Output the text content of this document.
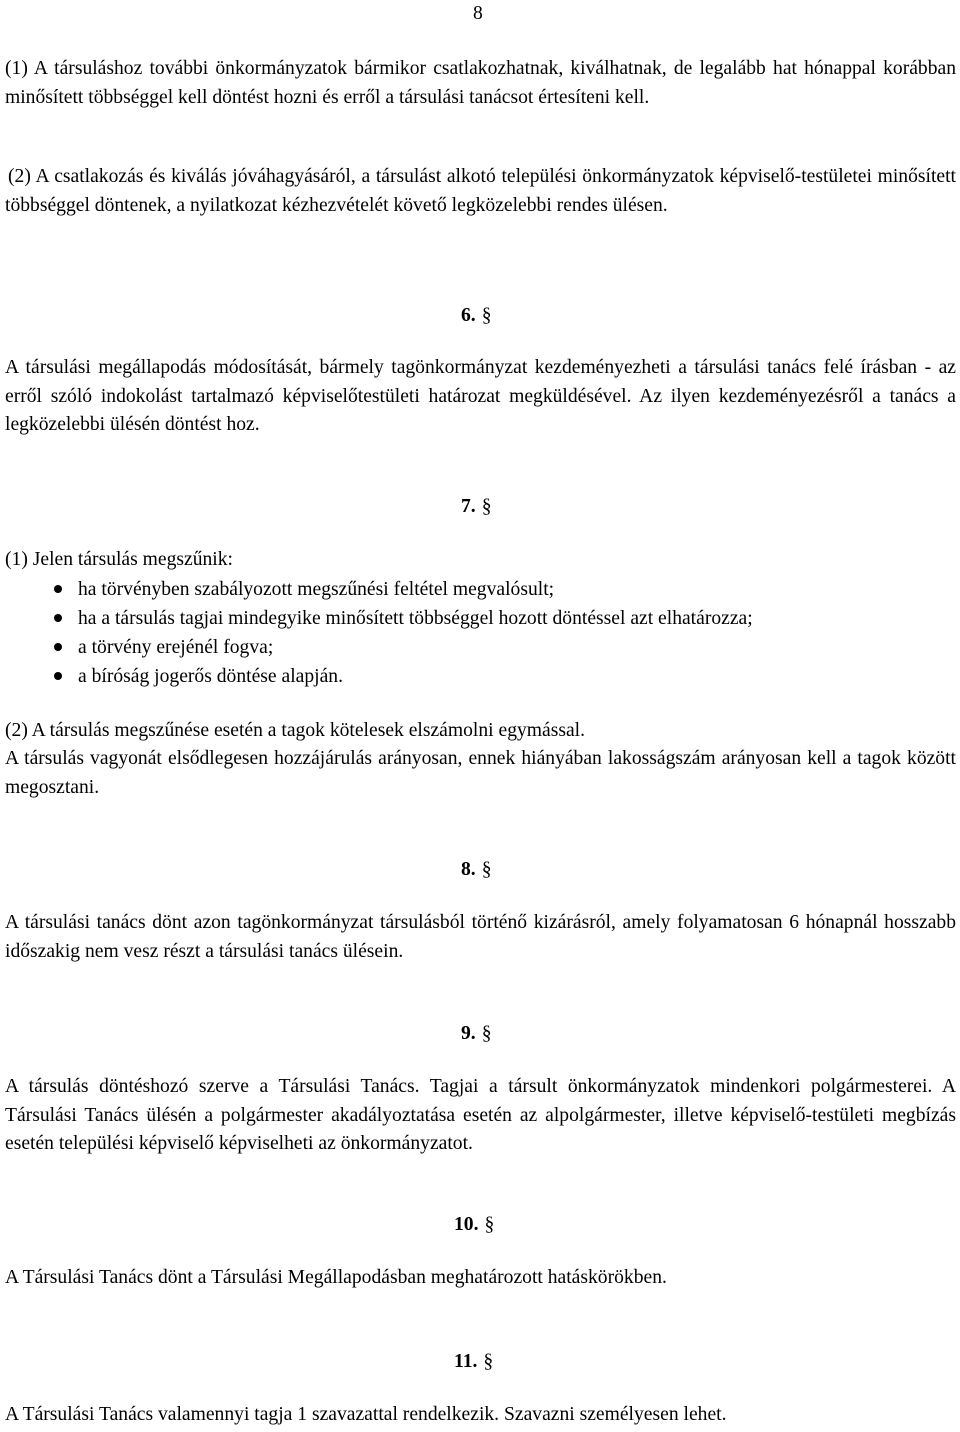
8

(1) A társuláshoz további önkormányzatok bármikor csatlakozhatnak, kiválhatnak, de legalább hat hónappal korábban minősített többséggel kell döntést hozni és erről a társulási tanácsot értesíteni kell.

(2) A csatlakozás és kiválás jóváhagyásáról, a társulást alkotó települési önkormányzatok képviselő-testületei minősített többséggel döntenek, a nyilatkozat kézhezvételét követő legközelebbi rendes ülésen.

6. §

A társulási megállapodás módosítását, bármely tagönkormányzat kezdeményezheti a társulási tanács felé írásban - az erről szóló indokolást tartalmazó képviselőtestületi határozat megküldésével. Az ilyen kezdeményezésről a tanács a legközelebbi ülésén döntést hoz.

7. §

(1) Jelen társulás megszűnik:

ha törvényben szabályozott megszűnési feltétel megvalósult;
ha a társulás tagjai mindegyike minősített többséggel hozott döntéssel azt elhatározza;
a törvény erejénél fogva;
a bíróság jogerős döntése alapján.

(2) A társulás megszűnése esetén a tagok kötelesek elszámolni egymással.

A társulás vagyonát elsődlegesen hozzájárulás arányosan, ennek hiányában lakosságszám arányosan kell a tagok között megosztani.

8. §

A társulási tanács dönt azon tagönkormányzat társulásból történő kizárásról, amely folyamatosan 6 hónapnál hosszabb időszakig nem vesz részt a társulási tanács ülésein.

9. §

A társulás döntéshozó szerve a Társulási Tanács. Tagjai a társult önkormányzatok mindenkori polgármesterei. A Társulási Tanács ülésén a polgármester akadályoztatása esetén az alpolgármester, illetve képviselő-testületi megbízás esetén települési képviselő képviselheti az önkormányzatot.

10. §

A Társulási Tanács dönt a Társulási Megállapodásban meghatározott hatáskörökben.

11. §

A Társulási Tanács valamennyi tagja 1 szavazattal rendelkezik. Szavazni személyesen lehet.
